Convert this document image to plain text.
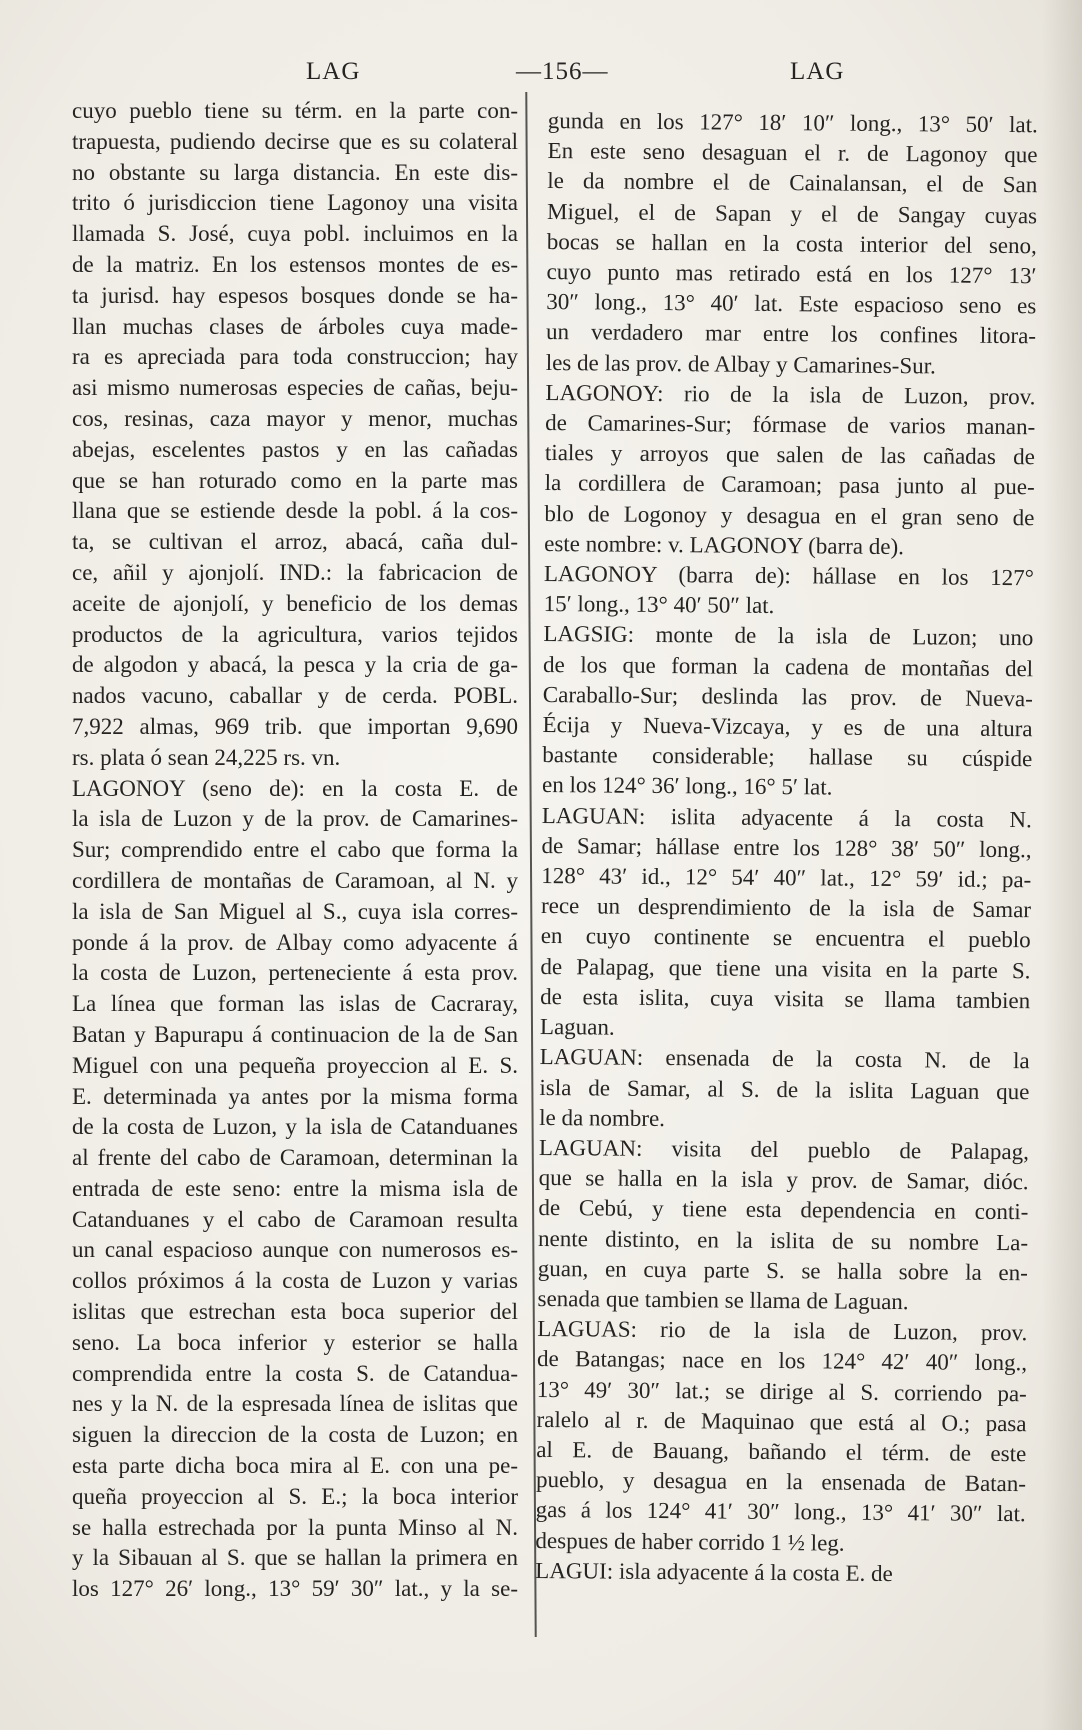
LAG	—156—	LAG
cuyo pueblo tiene su térm. en la parte con-
trapuesta, pudiendo decirse que es su colateral
no obstante su larga distancia. En este dis-
trito ó jurisdiccion tiene Lagonoy una visita
llamada S. José, cuya pobl. incluimos en la
de la matriz. En los estensos montes de es-
ta jurisd. hay espesos bosques donde se ha-
llan muchas clases de árboles cuya made-
ra es apreciada para toda construccion; hay
asi mismo numerosas especies de cañas, beju-
cos, resinas, caza mayor y menor, muchas
abejas, escelentes pastos y en las cañadas
que se han roturado como en la parte mas
llana que se estiende desde la pobl. á la cos-
ta, se cultivan el arroz, abacá, caña dul-
ce, añil y ajonjolí. IND.: la fabricacion de
aceite de ajonjolí, y beneficio de los demas
productos de la agricultura, varios tejidos
de algodon y abacá, la pesca y la cria de ga-
nados vacuno, caballar y de cerda. POBL.
7,922 almas, 969 trib. que importan 9,690
rs. plata ó sean 24,225 rs. vn.
LAGONOY (seno de): en la costa E. de
la isla de Luzon y de la prov. de Camarines-
Sur; comprendido entre el cabo que forma la
cordillera de montañas de Caramoan, al N. y
la isla de San Miguel al S., cuya isla corres-
ponde á la prov. de Albay como adyacente á
la costa de Luzon, perteneciente á esta prov.
La línea que forman las islas de Cacraray,
Batan y Bapurapu á continuacion de la de San
Miguel con una pequeña proyeccion al E. S.
E. determinada ya antes por la misma forma
de la costa de Luzon, y la isla de Catanduanes
al frente del cabo de Caramoan, determinan la
entrada de este seno: entre la misma isla de
Catanduanes y el cabo de Caramoan resulta
un canal espacioso aunque con numerosos es-
collos próximos á la costa de Luzon y varias
islitas que estrechan esta boca superior del
seno. La boca inferior y esterior se halla
comprendida entre la costa S. de Catandua-
nes y la N. de la espresada línea de islitas que
siguen la direccion de la costa de Luzon; en
esta parte dicha boca mira al E. con una pe-
queña proyeccion al S. E.; la boca interior
se halla estrechada por la punta Minso al N.
y la Sibauan al S. que se hallan la primera en
los 127° 26′ long., 13° 59′ 30″ lat., y la se-
gunda en los 127° 18′ 10″ long., 13° 50′ lat.
En este seno desaguan el r. de Lagonoy que
le da nombre el de Cainalansan, el de San
Miguel, el de Sapan y el de Sangay cuyas
bocas se hallan en la costa interior del seno,
cuyo punto mas retirado está en los 127° 13′
30″ long., 13° 40′ lat. Este espacioso seno es
un verdadero mar entre los confines litora-
les de las prov. de Albay y Camarines-Sur.
LAGONOY: rio de la isla de Luzon, prov.
de Camarines-Sur; fórmase de varios manan-
tiales y arroyos que salen de las cañadas de
la cordillera de Caramoan; pasa junto al pue-
blo de Logonoy y desagua en el gran seno de
este nombre: v. LAGONOY (barra de).
LAGONOY (barra de): hállase en los 127°
15′ long., 13° 40′ 50″ lat.
LAGSIG: monte de la isla de Luzon; uno
de los que forman la cadena de montañas del
Caraballo-Sur; deslinda las prov. de Nueva-
Écija y Nueva-Vizcaya, y es de una altura
bastante considerable; hallase su cúspide
en los 124° 36′ long., 16° 5′ lat.
LAGUAN: islita adyacente á la costa N.
de Samar; hállase entre los 128° 38′ 50″ long.,
128° 43′ id., 12° 54′ 40″ lat., 12° 59′ id.; pa-
rece un desprendimiento de la isla de Samar
en cuyo continente se encuentra el pueblo
de Palapag, que tiene una visita en la parte S.
de esta islita, cuya visita se llama tambien
Laguan.
LAGUAN: ensenada de la costa N. de la
isla de Samar, al S. de la islita Laguan que
le da nombre.
LAGUAN: visita del pueblo de Palapag,
que se halla en la isla y prov. de Samar, dióc.
de Cebú, y tiene esta dependencia en conti-
nente distinto, en la islita de su nombre La-
guan, en cuya parte S. se halla sobre la en-
senada que tambien se llama de Laguan.
LAGUAS: rio de la isla de Luzon, prov.
de Batangas; nace en los 124° 42′ 40″ long.,
13° 49′ 30″ lat.; se dirige al S. corriendo pa-
ralelo al r. de Maquinao que está al O.; pasa
al E. de Bauang, bañando el térm. de este
pueblo, y desagua en la ensenada de Batan-
gas á los 124° 41′ 30″ long., 13° 41′ 30″ lat.
despues de haber corrido 1 ½ leg.
LAGUI: isla adyacente á la costa E. de
